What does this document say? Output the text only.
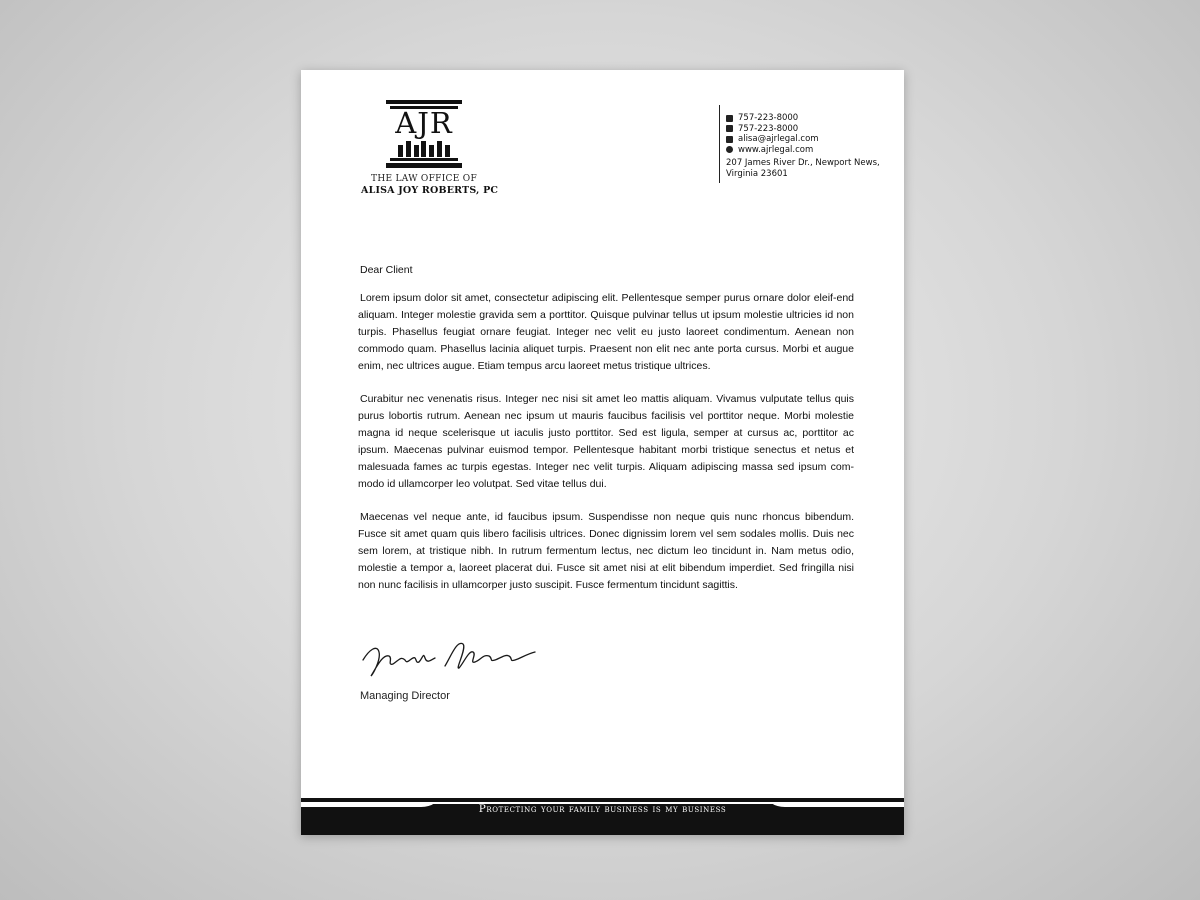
AJR
THE LAW OFFICE OF
ALISA JOY ROBERTS, PC
757-223-8000
757-223-8000
alisa@ajrlegal.com
www.ajrlegal.com
207 James River Dr., Newport News, Virginia 23601
Dear Client

Lorem ipsum dolor sit amet, consectetur adipiscing elit. Pellentesque semper purus ornare dolor eleif-end aliquam. Integer molestie gravida sem a porttitor. Quisque pulvinar tellus ut ipsum molestie ultricies id non turpis. Phasellus feugiat ornare feugiat. Integer nec velit eu justo laoreet condimentum. Aenean non commodo quam. Phasellus lacinia aliquet turpis. Praesent non elit nec ante porta cursus. Morbi et augue enim, nec ultrices augue. Etiam tempus arcu laoreet metus tristique ultrices.

Curabitur nec venenatis risus. Integer nec nisi sit amet leo mattis aliquam. Vivamus vulputate tellus quis purus lobortis rutrum. Aenean nec ipsum ut mauris faucibus facilisis vel porttitor neque. Morbi molestie magna id neque scelerisque ut iaculis justo porttitor. Sed est ligula, semper at cursus ac, porttitor ac ipsum. Maecenas pulvinar euismod tempor. Pellentesque habitant morbi tristique senectus et netus et malesuada fames ac turpis egestas. Integer nec velit turpis. Aliquam adipiscing massa sed ipsum com-modo id ullamcorper leo volutpat. Sed vitae tellus dui.

Maecenas vel neque ante, id faucibus ipsum. Suspendisse non neque quis nunc rhoncus bibendum. Fusce sit amet quam quis libero facilisis ultrices. Donec dignissim lorem vel sem sodales mollis. Duis nec sem lorem, at tristique nibh. In rutrum fermentum lectus, nec dictum leo tincidunt in. Nam metus odio, molestie a tempor a, laoreet placerat dui. Fusce sit amet nisi at elit bibendum imperdiet. Sed fringilla nisi non nunc facilisis in ullamcorper justo suscipit. Fusce fermentum tincidunt sagittis.

Managing Director
Protecting your family business is my business
